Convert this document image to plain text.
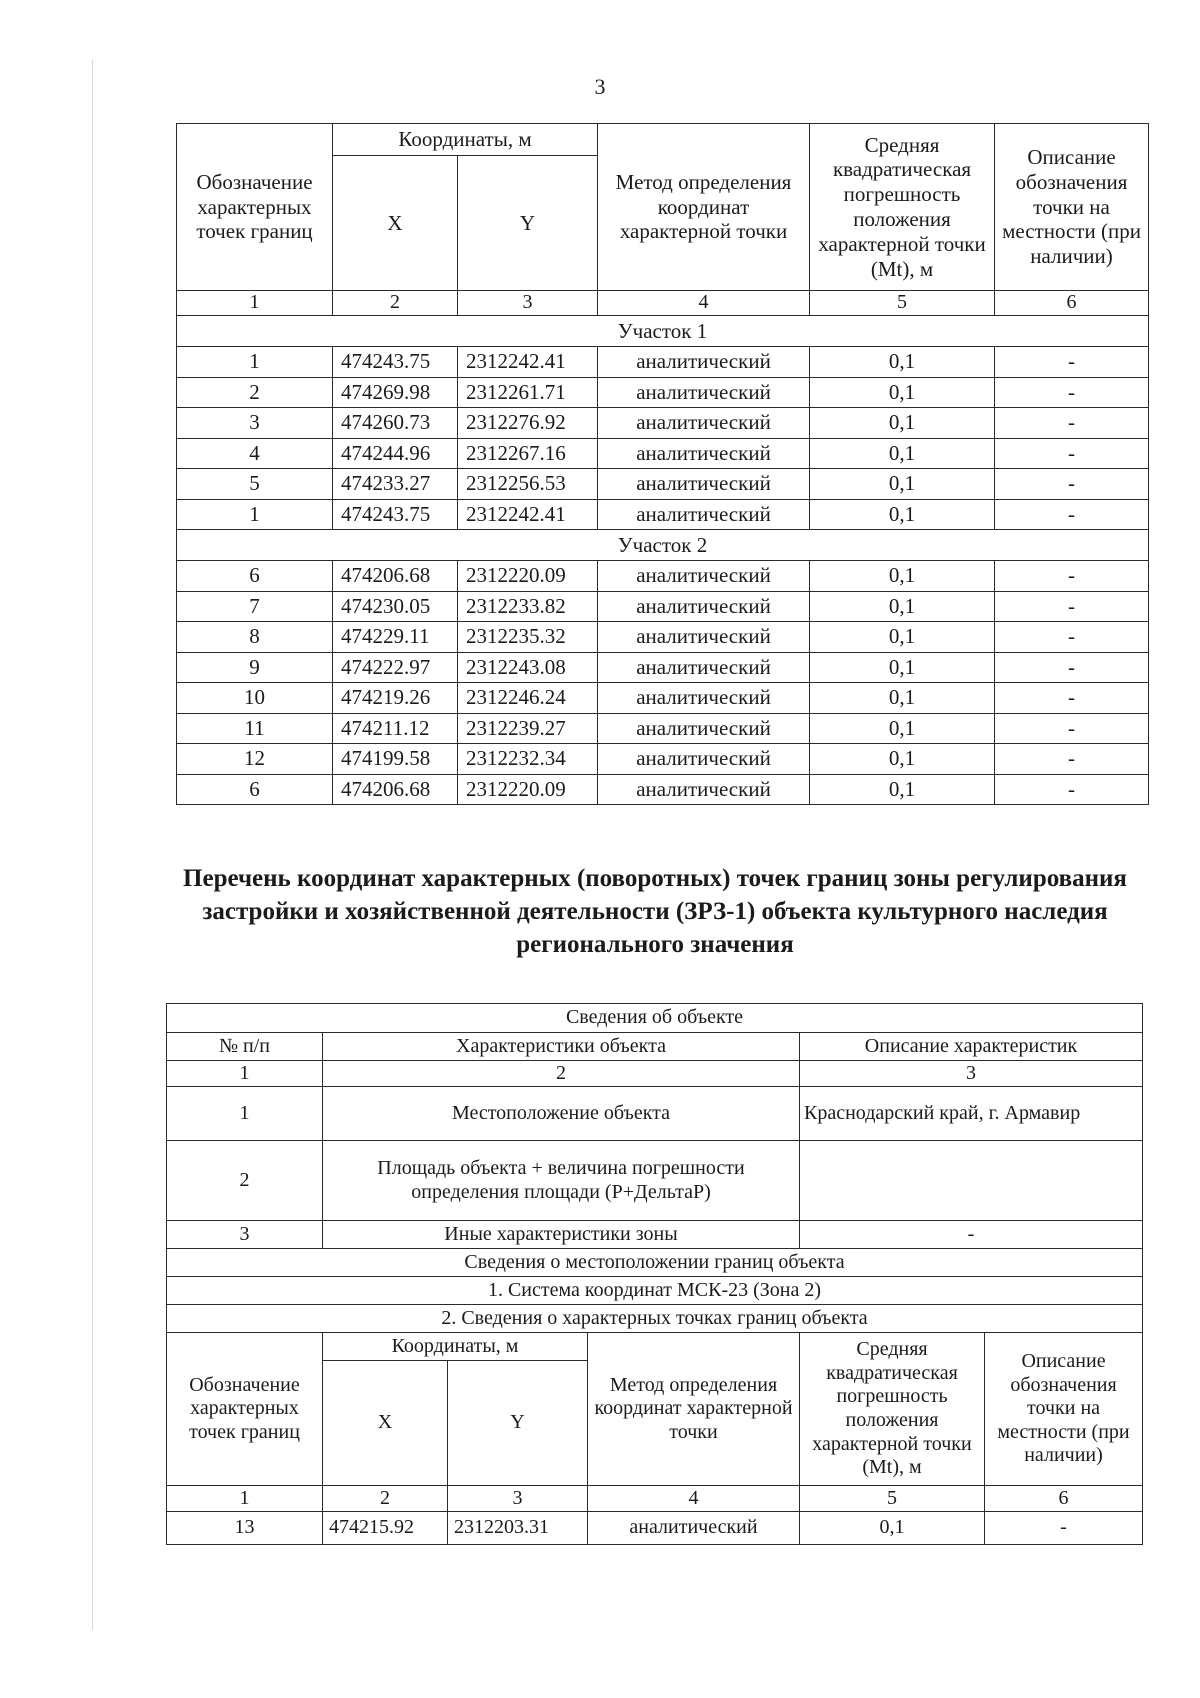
3
Обозначение характерных точек границ	Координаты, м		Метод определения координат характерной точки	Средняя квадратическая погрешность положения характерной точки (Mt), м	Описание обозначения точки на местности (при наличии)
	X	Y			
1	2	3	4	5	6
Участок 1					
1	474243.75	2312242.41	аналитический	0,1	-
2	474269.98	2312261.71	аналитический	0,1	-
3	474260.73	2312276.92	аналитический	0,1	-
4	474244.96	2312267.16	аналитический	0,1	-
5	474233.27	2312256.53	аналитический	0,1	-
1	474243.75	2312242.41	аналитический	0,1	-
Участок 2					
6	474206.68	2312220.09	аналитический	0,1	-
7	474230.05	2312233.82	аналитический	0,1	-
8	474229.11	2312235.32	аналитический	0,1	-
9	474222.97	2312243.08	аналитический	0,1	-
10	474219.26	2312246.24	аналитический	0,1	-
11	474211.12	2312239.27	аналитический	0,1	-
12	474199.58	2312232.34	аналитический	0,1	-
6	474206.68	2312220.09	аналитический	0,1	-
Перечень координат характерных (поворотных) точек границ зоны регулирования застройки и хозяйственной деятельности (ЗРЗ-1) объекта культурного наследия регионального значения
Сведения об объекте					
№ п/п	Характеристики объекта			Описание характеристик	
1	2			3	
1	Местоположение объекта			Краснодарский край, г. Армавир	
2	Площадь объекта + величина погрешности определения площади (Р+ДельтаР)				
3	Иные характеристики зоны			-	
Сведения о местоположении границ объекта					
1. Система координат МСК-23 (Зона 2)					
2. Сведения о характерных точках границ объекта					
Обозначение характерных точек границ	Координаты, м		Метод определения координат характерной точки	Средняя квадратическая погрешность положения характерной точки (Mt), м	Описание обозначения точки на местности (при наличии)
	X	Y			
1	2	3	4	5	6
13	474215.92	2312203.31	аналитический	0,1	-
